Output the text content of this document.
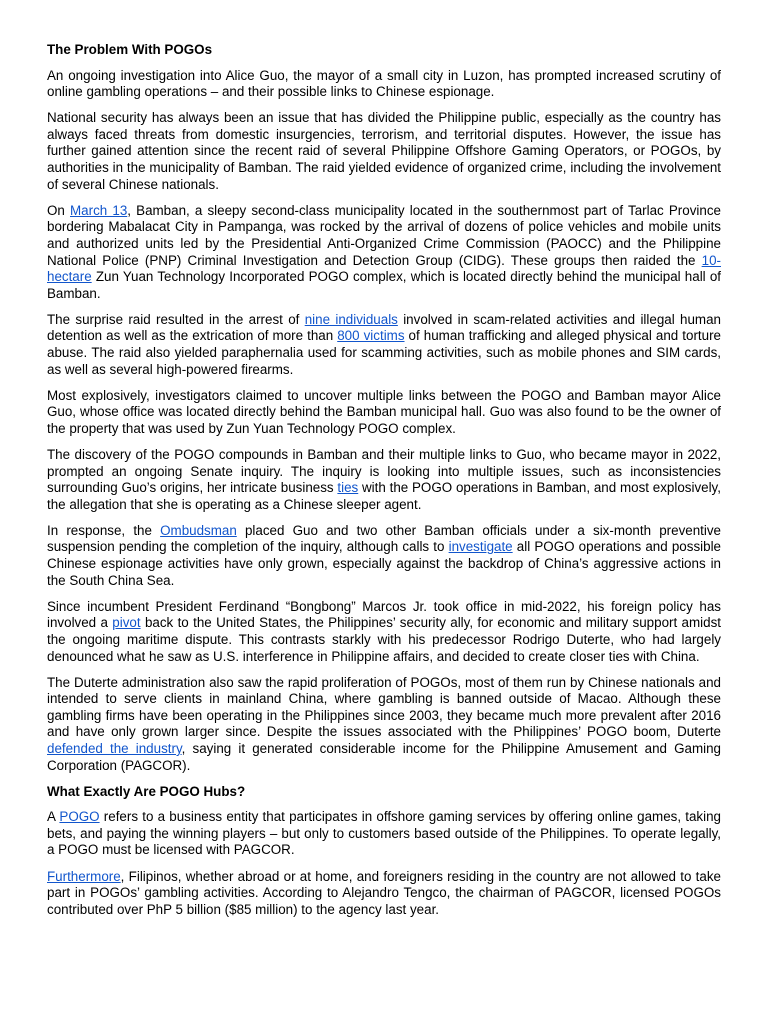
The Problem With POGOs

An ongoing investigation into Alice Guo, the mayor of a small city in Luzon, has prompted increased scrutiny of online gambling operations – and their possible links to Chinese espionage.

National security has always been an issue that has divided the Philippine public, especially as the country has always faced threats from domestic insurgencies, terrorism, and territorial disputes. However, the issue has further gained attention since the recent raid of several Philippine Offshore Gaming Operators, or POGOs, by authorities in the municipality of Bamban. The raid yielded evidence of organized crime, including the involvement of several Chinese nationals.

On March 13, Bamban, a sleepy second-class municipality located in the southernmost part of Tarlac Province bordering Mabalacat City in Pampanga, was rocked by the arrival of dozens of police vehicles and mobile units and authorized units led by the Presidential Anti-Organized Crime Commission (PAOCC) and the Philippine National Police (PNP) Criminal Investigation and Detection Group (CIDG). These groups then raided the 10-hectare Zun Yuan Technology Incorporated POGO complex, which is located directly behind the municipal hall of Bamban.

The surprise raid resulted in the arrest of nine individuals involved in scam-related activities and illegal human detention as well as the extrication of more than 800 victims of human trafficking and alleged physical and torture abuse. The raid also yielded paraphernalia used for scamming activities, such as mobile phones and SIM cards, as well as several high-powered firearms.

Most explosively, investigators claimed to uncover multiple links between the POGO and Bamban mayor Alice Guo, whose office was located directly behind the Bamban municipal hall. Guo was also found to be the owner of the property that was used by Zun Yuan Technology POGO complex.

The discovery of the POGO compounds in Bamban and their multiple links to Guo, who became mayor in 2022, prompted an ongoing Senate inquiry. The inquiry is looking into multiple issues, such as inconsistencies surrounding Guo’s origins, her intricate business ties with the POGO operations in Bamban, and most explosively, the allegation that she is operating as a Chinese sleeper agent.

In response, the Ombudsman placed Guo and two other Bamban officials under a six-month preventive suspension pending the completion of the inquiry, although calls to investigate all POGO operations and possible Chinese espionage activities have only grown, especially against the backdrop of China’s aggressive actions in the South China Sea.

Since incumbent President Ferdinand “Bongbong” Marcos Jr. took office in mid-2022, his foreign policy has involved a pivot back to the United States, the Philippines’ security ally, for economic and military support amidst the ongoing maritime dispute. This contrasts starkly with his predecessor Rodrigo Duterte, who had largely denounced what he saw as U.S. interference in Philippine affairs, and decided to create closer ties with China.

The Duterte administration also saw the rapid proliferation of POGOs, most of them run by Chinese nationals and intended to serve clients in mainland China, where gambling is banned outside of Macao. Although these gambling firms have been operating in the Philippines since 2003, they became much more prevalent after 2016 and have only grown larger since. Despite the issues associated with the Philippines’ POGO boom, Duterte defended the industry, saying it generated considerable income for the Philippine Amusement and Gaming Corporation (PAGCOR).

What Exactly Are POGO Hubs?

A POGO refers to a business entity that participates in offshore gaming services by offering online games, taking bets, and paying the winning players – but only to customers based outside of the Philippines. To operate legally, a POGO must be licensed with PAGCOR.

Furthermore, Filipinos, whether abroad or at home, and foreigners residing in the country are not allowed to take part in POGOs’ gambling activities. According to Alejandro Tengco, the chairman of PAGCOR, licensed POGOs contributed over PhP 5 billion ($85 million) to the agency last year.
